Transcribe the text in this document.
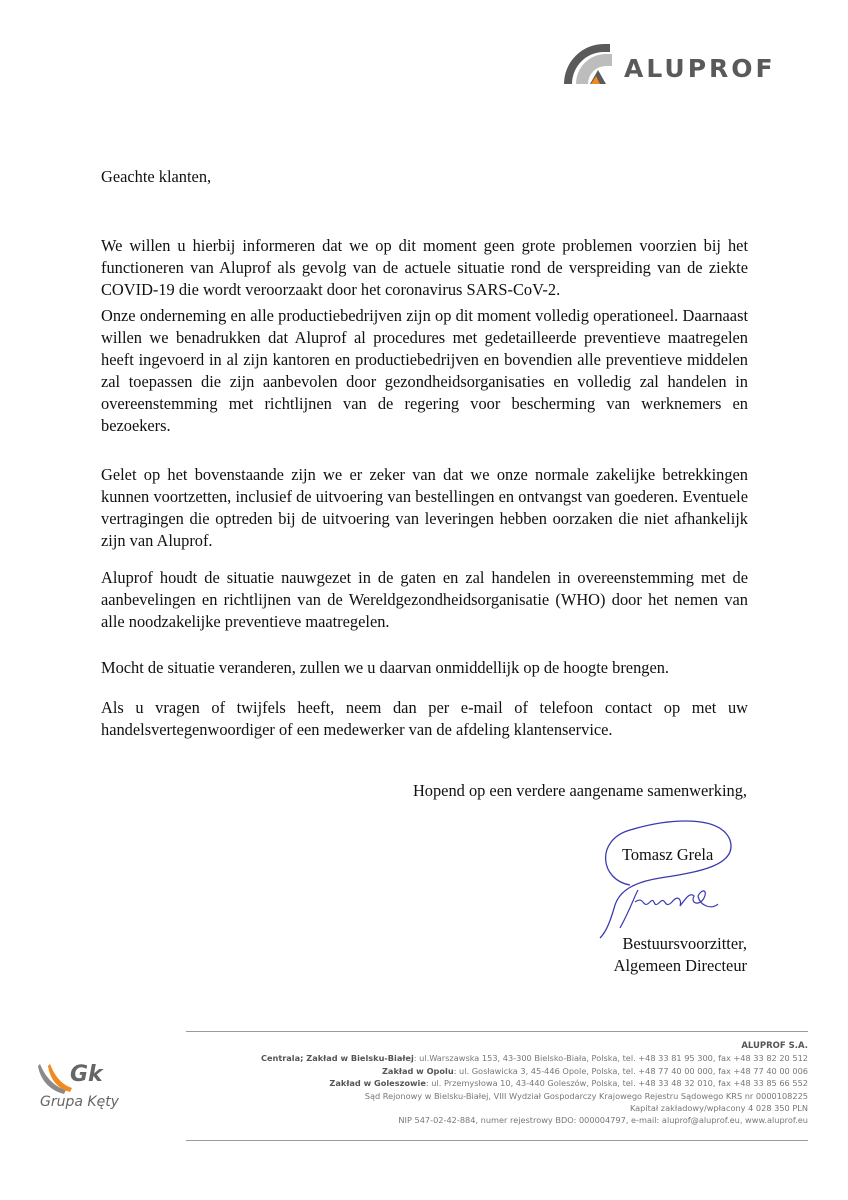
ALUPROF

Geachte klanten,

We willen u hierbij informeren dat we op dit moment geen grote problemen voorzien bij het functioneren van Aluprof als gevolg van de actuele situatie rond de verspreiding van de ziekte COVID-19 die wordt veroorzaakt door het coronavirus SARS-CoV-2.

Onze onderneming en alle productiebedrijven zijn op dit moment volledig operationeel. Daarnaast willen we benadrukken dat Aluprof al procedures met gedetailleerde preventieve maatregelen heeft ingevoerd in al zijn kantoren en productiebedrijven en bovendien alle preventieve middelen zal toepassen die zijn aanbevolen door gezondheidsorganisaties en volledig zal handelen in overeenstemming met richtlijnen van de regering voor bescherming van werknemers en bezoekers.

Gelet op het bovenstaande zijn we er zeker van dat we onze normale zakelijke betrekkingen kunnen voortzetten, inclusief de uitvoering van bestellingen en ontvangst van goederen. Eventuele vertragingen die optreden bij de uitvoering van leveringen hebben oorzaken die niet afhankelijk zijn van Aluprof.

Aluprof houdt de situatie nauwgezet in de gaten en zal handelen in overeenstemming met de aanbevelingen en richtlijnen van de Wereldgezondheidsorganisatie (WHO) door het nemen van alle noodzakelijke preventieve maatregelen.

Mocht de situatie veranderen, zullen we u daarvan onmiddellijk op de hoogte brengen.

Als u vragen of twijfels heeft, neem dan per e-mail of telefoon contact op met uw handelsvertegenwoordiger of een medewerker van de afdeling klantenservice.

Hopend op een verdere aangename samenwerking,
Tomasz Grela
Bestuursvoorzitter,
Algemeen Directeur
ALUPROF S.A.
Centrala; Zakład w Bielsku-Białej: ul.Warszawska 153, 43-300 Bielsko-Biała, Polska, tel. +48 33 81 95 300, fax +48 33 82 20 512
Zakład w Opolu: ul. Gosławicka 3, 45-446 Opole, Polska, tel. +48 77 40 00 000, fax +48 77 40 00 006
Zakład w Goleszowie: ul. Przemysłowa 10, 43-440 Goleszów, Polska, tel. +48 33 48 32 010, fax +48 33 85 66 552
Sąd Rejonowy w Bielsku-Białej, VIII Wydział Gospodarczy Krajowego Rejestru Sądowego KRS nr 0000108225
Kapitał zakładowy/wpłacony 4 028 350 PLN
NIP 547-02-42-884, numer rejestrowy BDO: 000004797, e-mail: aluprof@aluprof.eu, www.aluprof.eu
Gk
Grupa Kęty
